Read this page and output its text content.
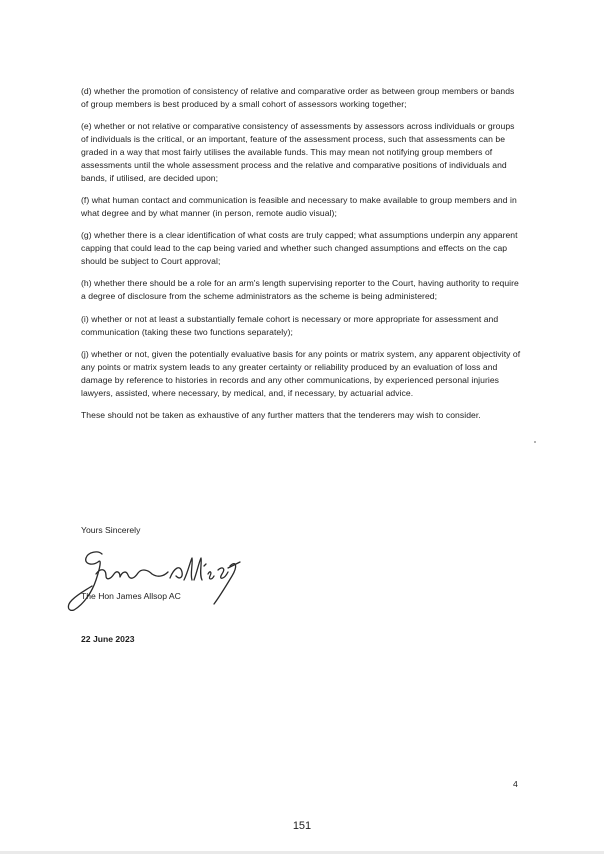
(d) whether the promotion of consistency of relative and comparative order as between group members or bands of group members is best produced by a small cohort of assessors working together;

(e) whether or not relative or comparative consistency of assessments by assessors across individuals or groups of individuals is the critical, or an important, feature of the assessment process, such that assessments can be graded in a way that most fairly utilises the available funds. This may mean not notifying group members of assessments until the whole assessment process and the relative and comparative positions of individuals and bands, if utilised, are decided upon;

(f) what human contact and communication is feasible and necessary to make available to group members and in what degree and by what manner (in person, remote audio visual);

(g) whether there is a clear identification of what costs are truly capped; what assumptions underpin any apparent capping that could lead to the cap being varied and whether such changed assumptions and effects on the cap should be subject to Court approval;

(h) whether there should be a role for an arm's length supervising reporter to the Court, having authority to require a degree of disclosure from the scheme administrators as the scheme is being administered;

(i) whether or not at least a substantially female cohort is necessary or more appropriate for assessment and communication (taking these two functions separately);

(j) whether or not, given the potentially evaluative basis for any points or matrix system, any apparent objectivity of any points or matrix system leads to any greater certainty or reliability produced by an evaluation of loss and damage by reference to histories in records and any other communications, by experienced personal injuries lawyers, assisted, where necessary, by medical, and, if necessary, by actuarial advice.

These should not be taken as exhaustive of any further matters that the tenderers may wish to consider.

Yours Sincerely
The Hon James Allsop AC
22 June 2023
4
151
